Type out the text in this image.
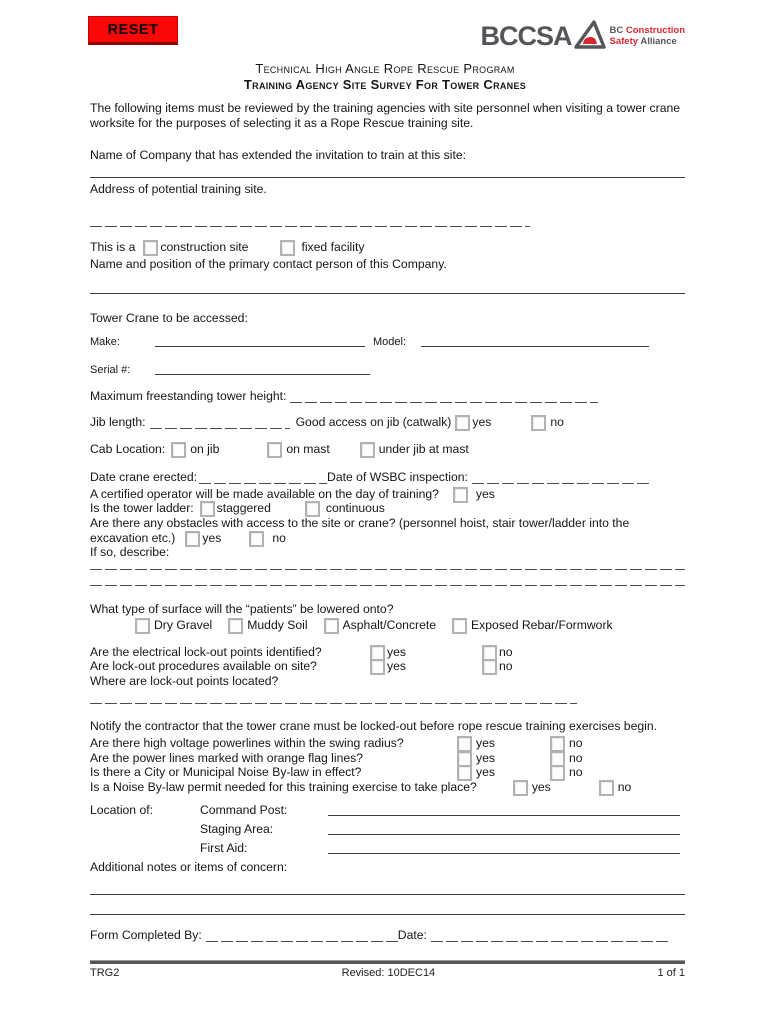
RESET	BCCSA	BC Construction
Safety Alliance
Technical High Angle Rope Rescue Program
Training Agency Site Survey For Tower Cranes

The following items must be reviewed by the training agencies with site personnel when visiting a tower crane worksite for the purposes of selecting it as a Rope Rescue training site.

Name of Company that has extended the invitation to train at this site:
Address of potential training site.
This is a construction site	fixed facility
Name and position of the primary contact person of this Company.
Tower Crane to be accessed:
Make:	Model:
Serial #:
Maximum freestanding tower height:
Jib length:	Good access on jib (catwalk) yes	no
Cab Location: on jib	on mast	under jib at mast
Date crane erected:	Date of WSBC inspection:
A certified operator will be made available on the day of training?	yes
Is the tower ladder: staggered	continuous
Are there any obstacles with access to the site or crane? (personnel hoist, stair tower/ladder into the
excavation etc.) yes	no
If so, describe:
What type of surface will the “patients” be lowered onto?
Dry Gravel	Muddy Soil	Asphalt/Concrete	Exposed Rebar/Formwork
Are the electrical lock-out points identified?	yes	no
Are lock-out procedures available on site?	yes	no
Where are lock-out points located?

Notify the contractor that the tower crane must be locked-out before rope rescue training exercises begin.

Are there high voltage powerlines within the swing radius?	yes	no
Are the power lines marked with orange flag lines?	yes	no
Is there a City or Municipal Noise By-law in effect?	yes	no
Is a Noise By-law permit needed for this training exercise to take place?	yes	no
Location of:	Command Post:
Staging Area:
First Aid:
Additional notes or items of concern:
Form Completed By:	Date:
TRG2	Revised: 10DEC14	1 of 1
